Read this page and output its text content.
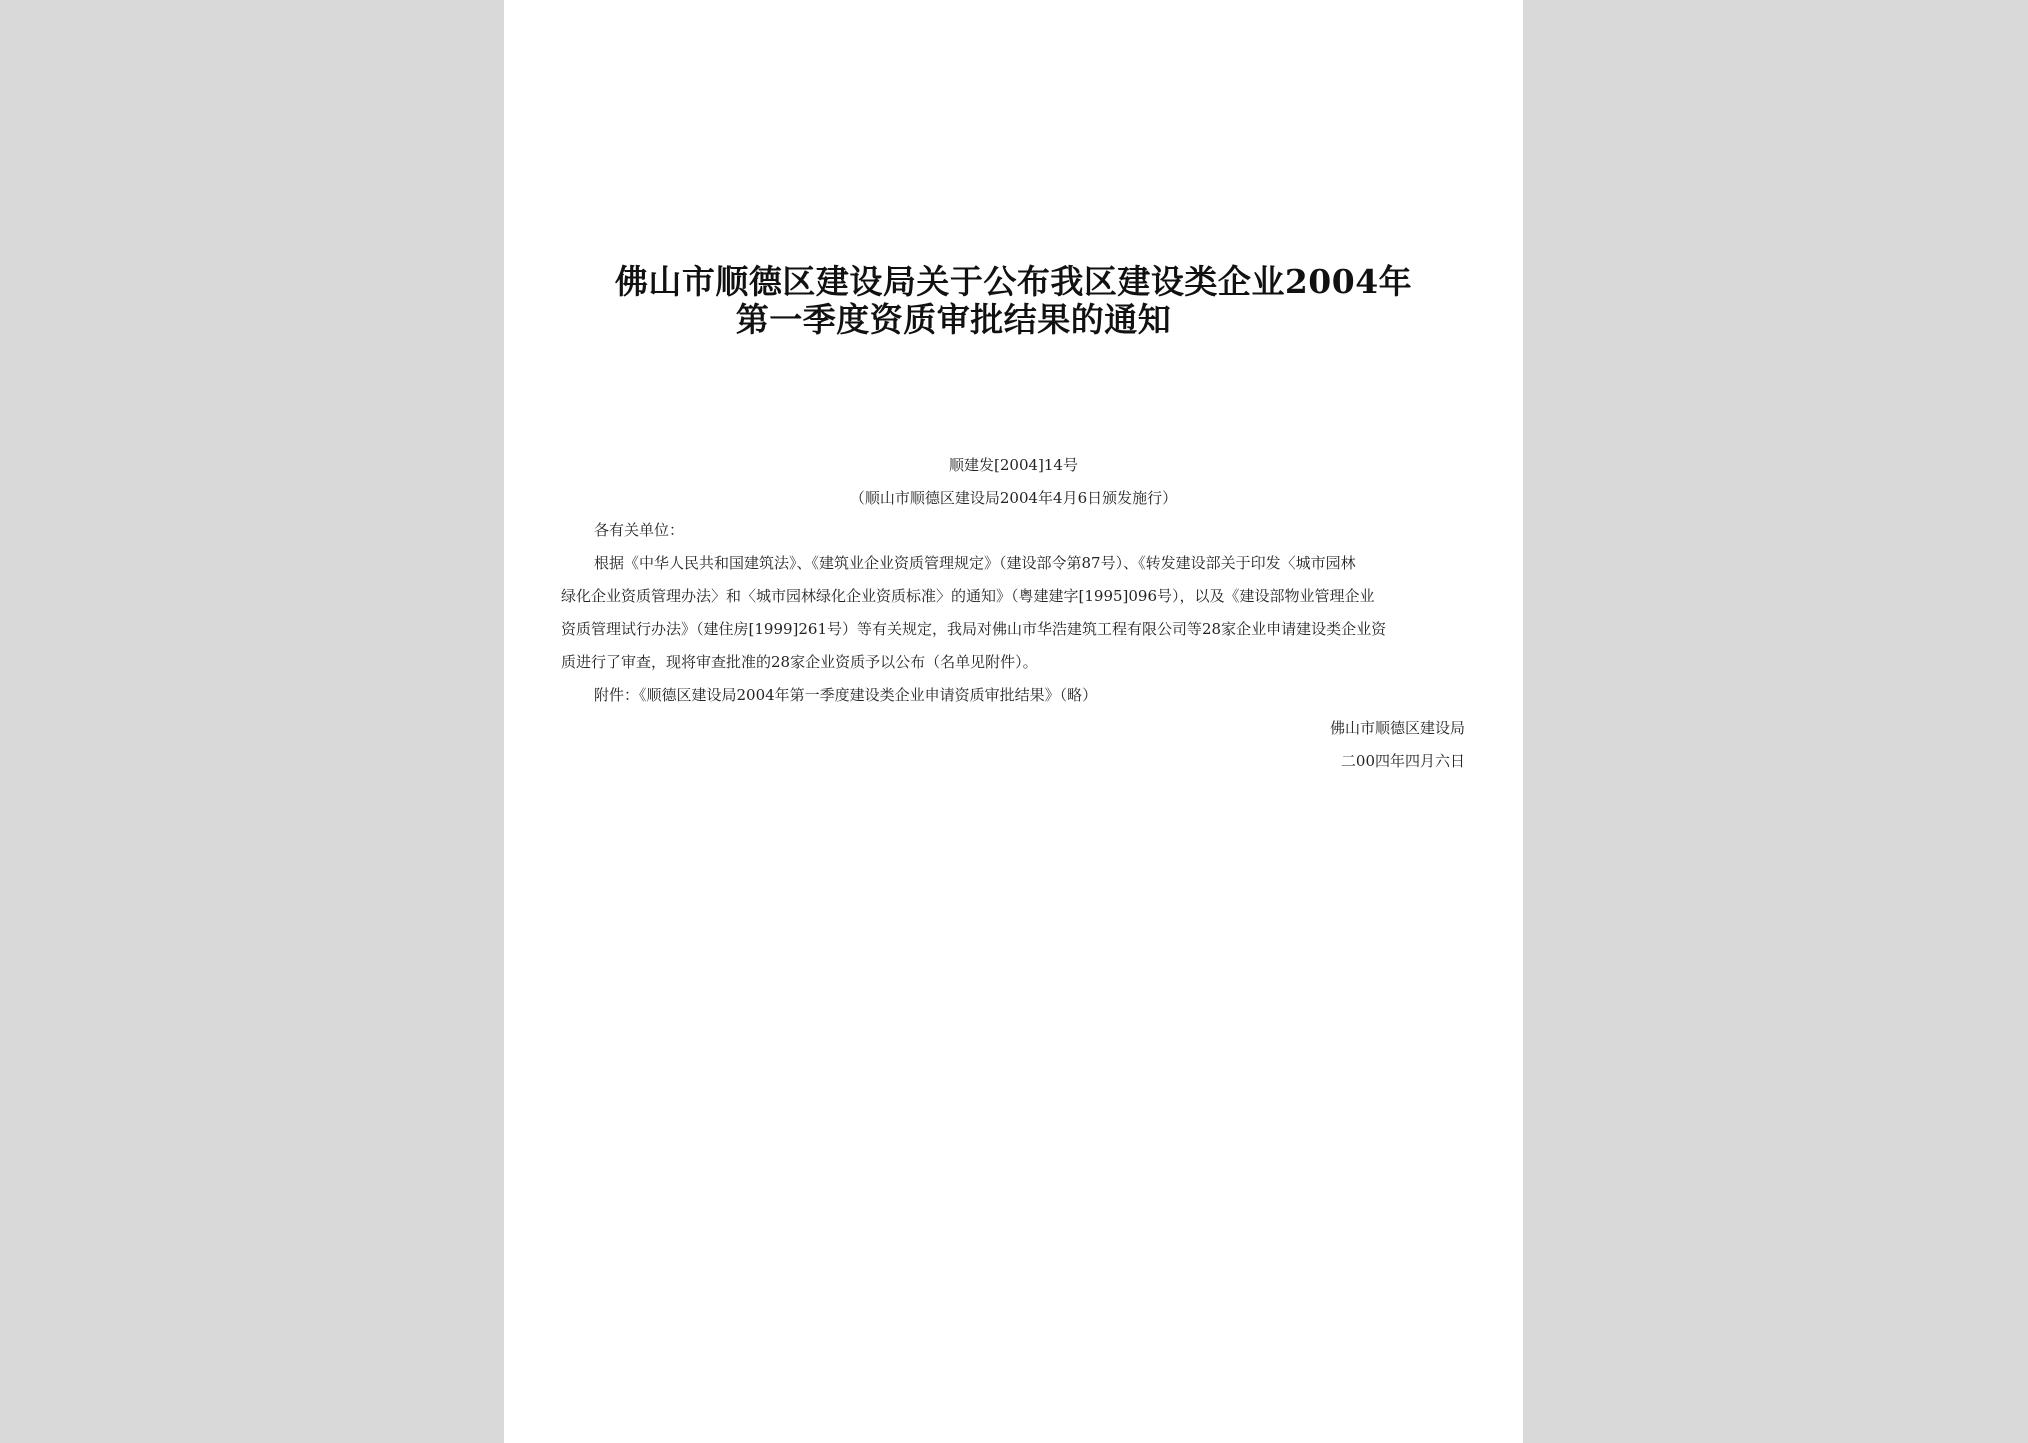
佛山市顺德区建设局关于公布我区建设类企业2004年
第一季度资质审批结果的通知
顺建发[2004]14号
（顺山市顺德区建设局2004年4月6日颁发施行）
各有关单位：
根据《中华人民共和国建筑法》、《建筑业企业资质管理规定》（建设部令第87号）、《转发建设部关于印发〈城市园林
绿化企业资质管理办法〉和〈城市园林绿化企业资质标准〉的通知》（粤建建字[1995]096号），以及《建设部物业管理企业
资质管理试行办法》（建住房[1999]261号）等有关规定，我局对佛山市华浩建筑工程有限公司等28家企业申请建设类企业资
质进行了审查，现将审查批准的28家企业资质予以公布（名单见附件）。
附件：《顺德区建设局2004年第一季度建设类企业申请资质审批结果》（略）
佛山市顺德区建设局
二00四年四月六日
